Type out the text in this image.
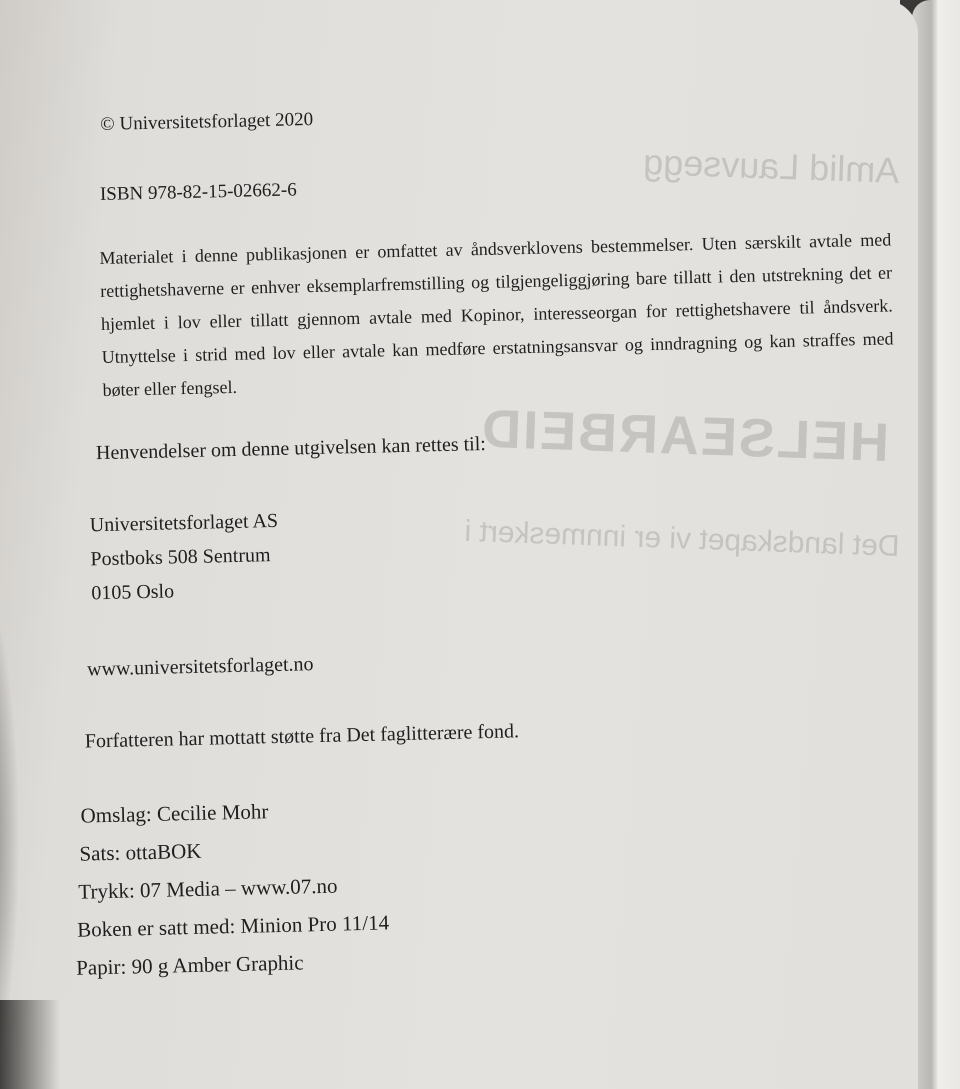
Amlid Lauvsegg
HELSEARBEID
Det landskapet vi er innmeskert i

© Universitetsforlaget 2020

ISBN 978-82-15-02662-6

Materialet i denne publikasjonen er omfattet av åndsverklovens bestemmelser. Uten særskilt avtale med rettighetshaverne er enhver eksemplarfremstilling og tilgjengeliggjøring bare tillatt i den utstrekning det er hjemlet i lov eller tillatt gjennom avtale med Kopinor, interesseorgan for rettighetshavere til åndsverk. Utnyttelse i strid med lov eller avtale kan medføre erstatningsansvar og inndragning og kan straffes med bøter eller fengsel.

Henvendelser om denne utgivelsen kan rettes til:

Universitetsforlaget AS

Postboks 508 Sentrum

0105 Oslo

www.universitetsforlaget.no

Forfatteren har mottatt støtte fra Det faglitterære fond.

Omslag: Cecilie Mohr

Sats: ottaBOK

Trykk: 07 Media – www.07.no

Boken er satt med: Minion Pro 11/14

Papir: 90 g Amber Graphic
